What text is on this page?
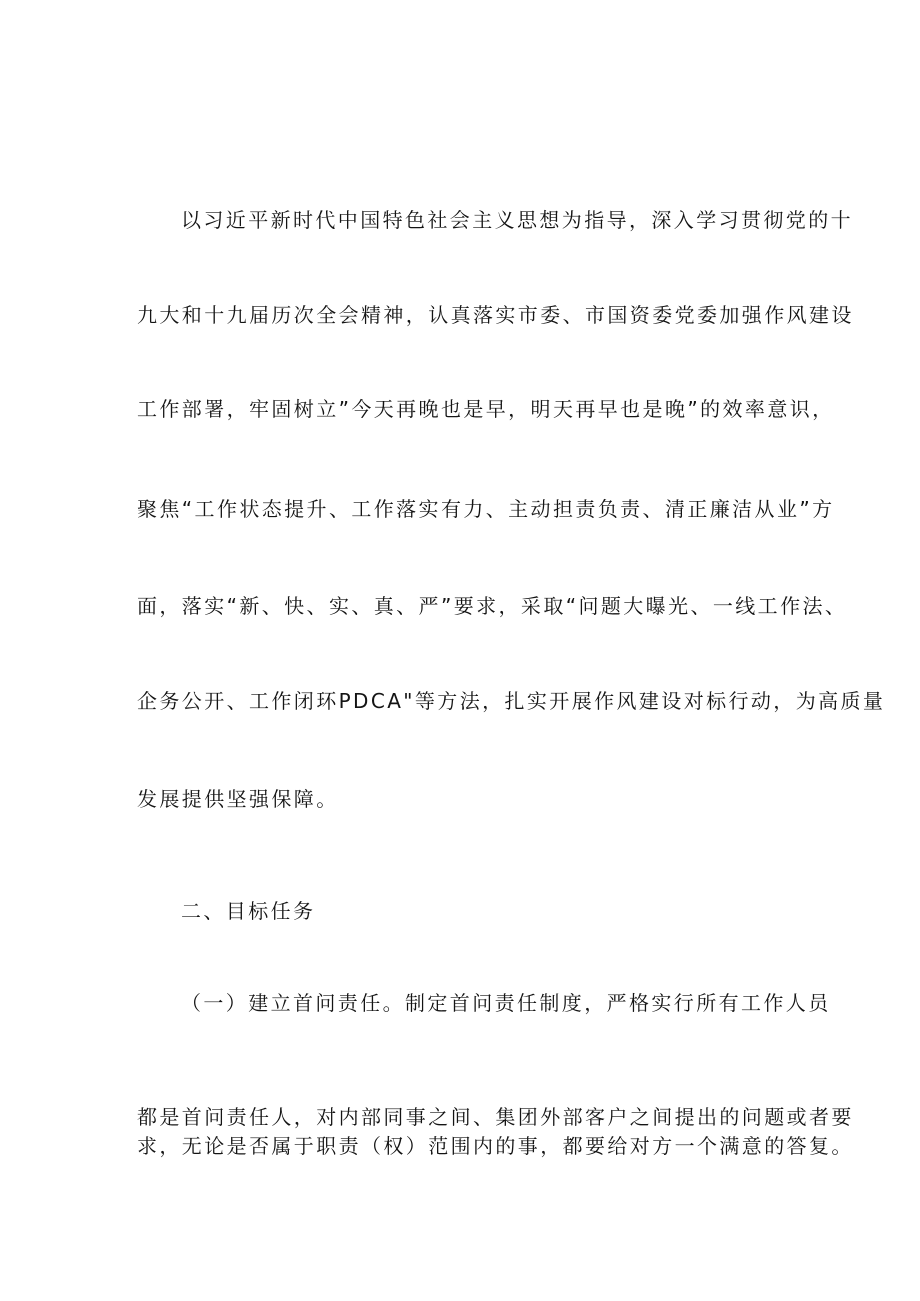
以习近平新时代中国特色社会主义思想为指导，深入学习贯彻党的十
九大和十九届历次全会精神，认真落实市委、市国资委党委加强作风建设
工作部署，牢固树立”今天再晚也是早，明天再早也是晚”的效率意识，
聚焦“工作状态提升、工作落实有力、主动担责负责、清正廉洁从业”方
面，落实“新、快、实、真、严”要求，采取“问题大曝光、一线工作法、
企务公开、工作闭环PDCA"等方法，扎实开展作风建设对标行动，为高质量
发展提供坚强保障。
二、目标任务
（一）建立首问责任。制定首问责任制度，严格实行所有工作人员
都是首问责任人，对内部同事之间、集团外部客户之间提出的问题或者要
求，无论是否属于职责（权）范围内的事，都要给对方一个满意的答复。
